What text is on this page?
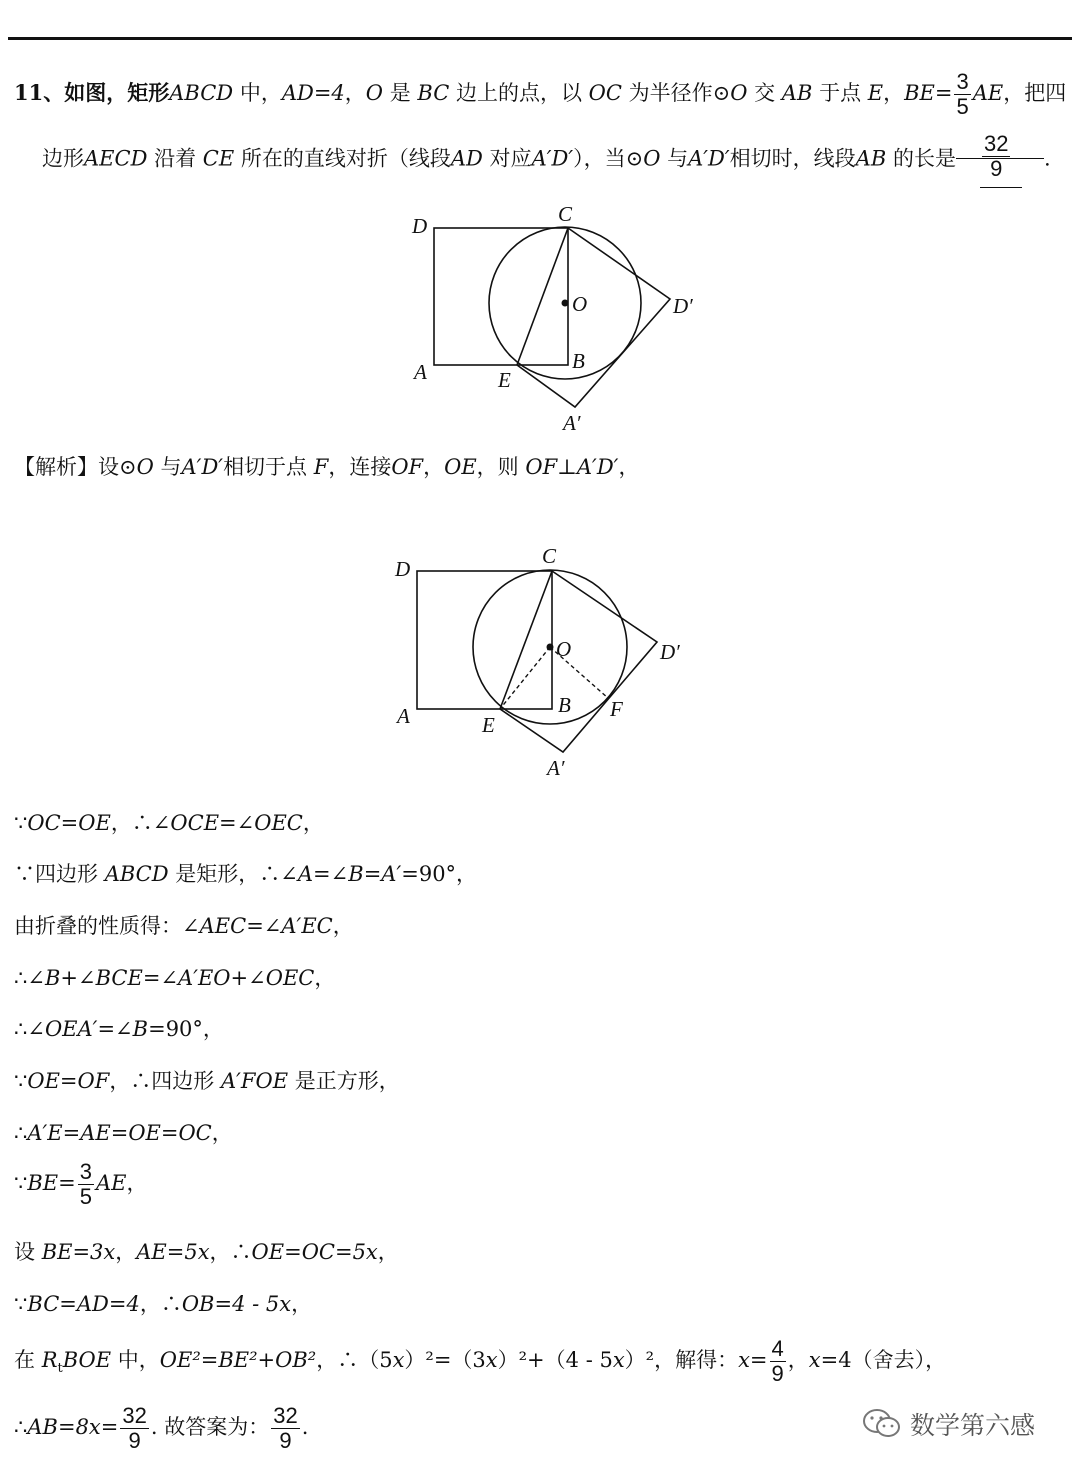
11、如图，矩形ABCD 中，AD=4，O 是 BC 边上的点，以 OC 为半径作⊙O 交 AB 于点 E，$BE= \frac{3}{5}$ AE，把四
边形AECD 沿着 CE 所在的直线对折（线段AD 对应A′D′），当⊙O 与A′D′相切时，线段AB 的长是 $\frac{32}{9}$ .
D	C
O	D′
A	E
B
A′
【解析】设⊙O 与A′D′相切于点 F，连接OF，OE，则 OF⊥A′D′，
D
C
O	D′
A	E
B F
A′
∵OC=OE，∴∠OCE=∠OEC，
∵四边形 ABCD 是矩形，∴∠A=∠B=A′=90°，
由折叠的性质得：∠AEC=∠A′EC，
∴∠B+∠BCE=∠A′EO+∠OEC，
∴∠OEA′=∠B=90°，
∵OE=OF，∴四边形 A′FOE 是正方形，
∴A′E=AE=OE=OC，
∵BE= $\frac{3}{5}$ AE，
设 BE=3x，AE=5x，∴OE=OC=5x，
∵BC=AD=4，∴OB=4 - 5x，
在 $R_tBOE$ 中，OE²=BE²+OB²，∴（5x）²=（3x）²+（4 - 5x）²，解得：$x= \frac{4}{9}$ ，x=4（舍去），
∴AB=8x= $\frac{32}{9}$ . 故答案为： $\frac{32}{9}$ .	数学第六感
